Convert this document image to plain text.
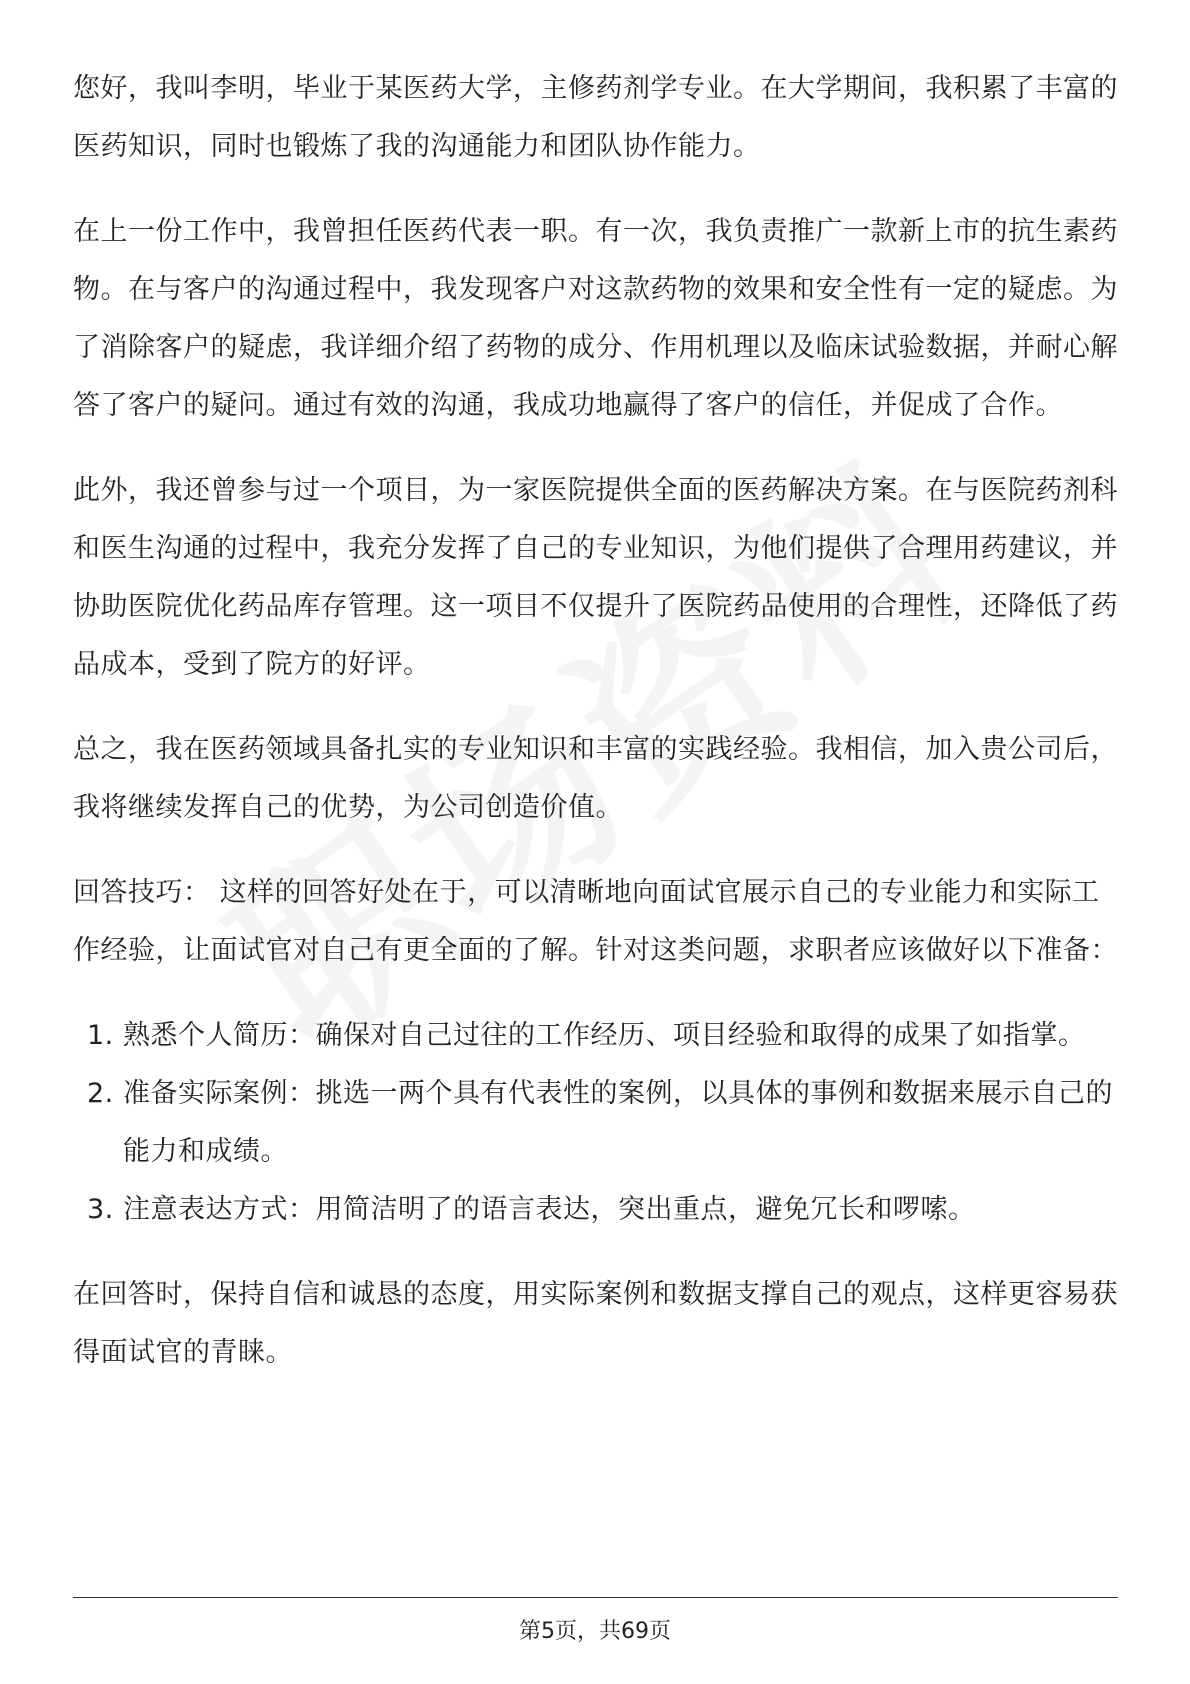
您好，我叫李明，毕业于某医药大学，主修药剂学专业。在大学期间，我积累了丰富的医药知识，同时也锻炼了我的沟通能力和团队协作能力。

在上一份工作中，我曾担任医药代表一职。有一次，我负责推广一款新上市的抗生素药物。在与客户的沟通过程中，我发现客户对这款药物的效果和安全性有一定的疑虑。为了消除客户的疑虑，我详细介绍了药物的成分、作用机理以及临床试验数据，并耐心解答了客户的疑问。通过有效的沟通，我成功地赢得了客户的信任，并促成了合作。

此外，我还曾参与过一个项目，为一家医院提供全面的医药解决方案。在与医院药剂科和医生沟通的过程中，我充分发挥了自己的专业知识，为他们提供了合理用药建议，并协助医院优化药品库存管理。这一项目不仅提升了医院药品使用的合理性，还降低了药品成本，受到了院方的好评。

总之，我在医药领域具备扎实的专业知识和丰富的实践经验。我相信，加入贵公司后，我将继续发挥自己的优势，为公司创造价值。

回答技巧： 这样的回答好处在于，可以清晰地向面试官展示自己的专业能力和实际工作经验，让面试官对自己有更全面的了解。针对这类问题，求职者应该做好以下准备：

1. 熟悉个人简历：确保对自己过往的工作经历、项目经验和取得的成果了如指掌。
2. 准备实际案例：挑选一两个具有代表性的案例，以具体的事例和数据来展示自己的能力和成绩。
3. 注意表达方式：用简洁明了的语言表达，突出重点，避免冗长和啰嗦。

在回答时，保持自信和诚恳的态度，用实际案例和数据支撑自己的观点，这样更容易获得面试官的青睐。

第5页，共69页
